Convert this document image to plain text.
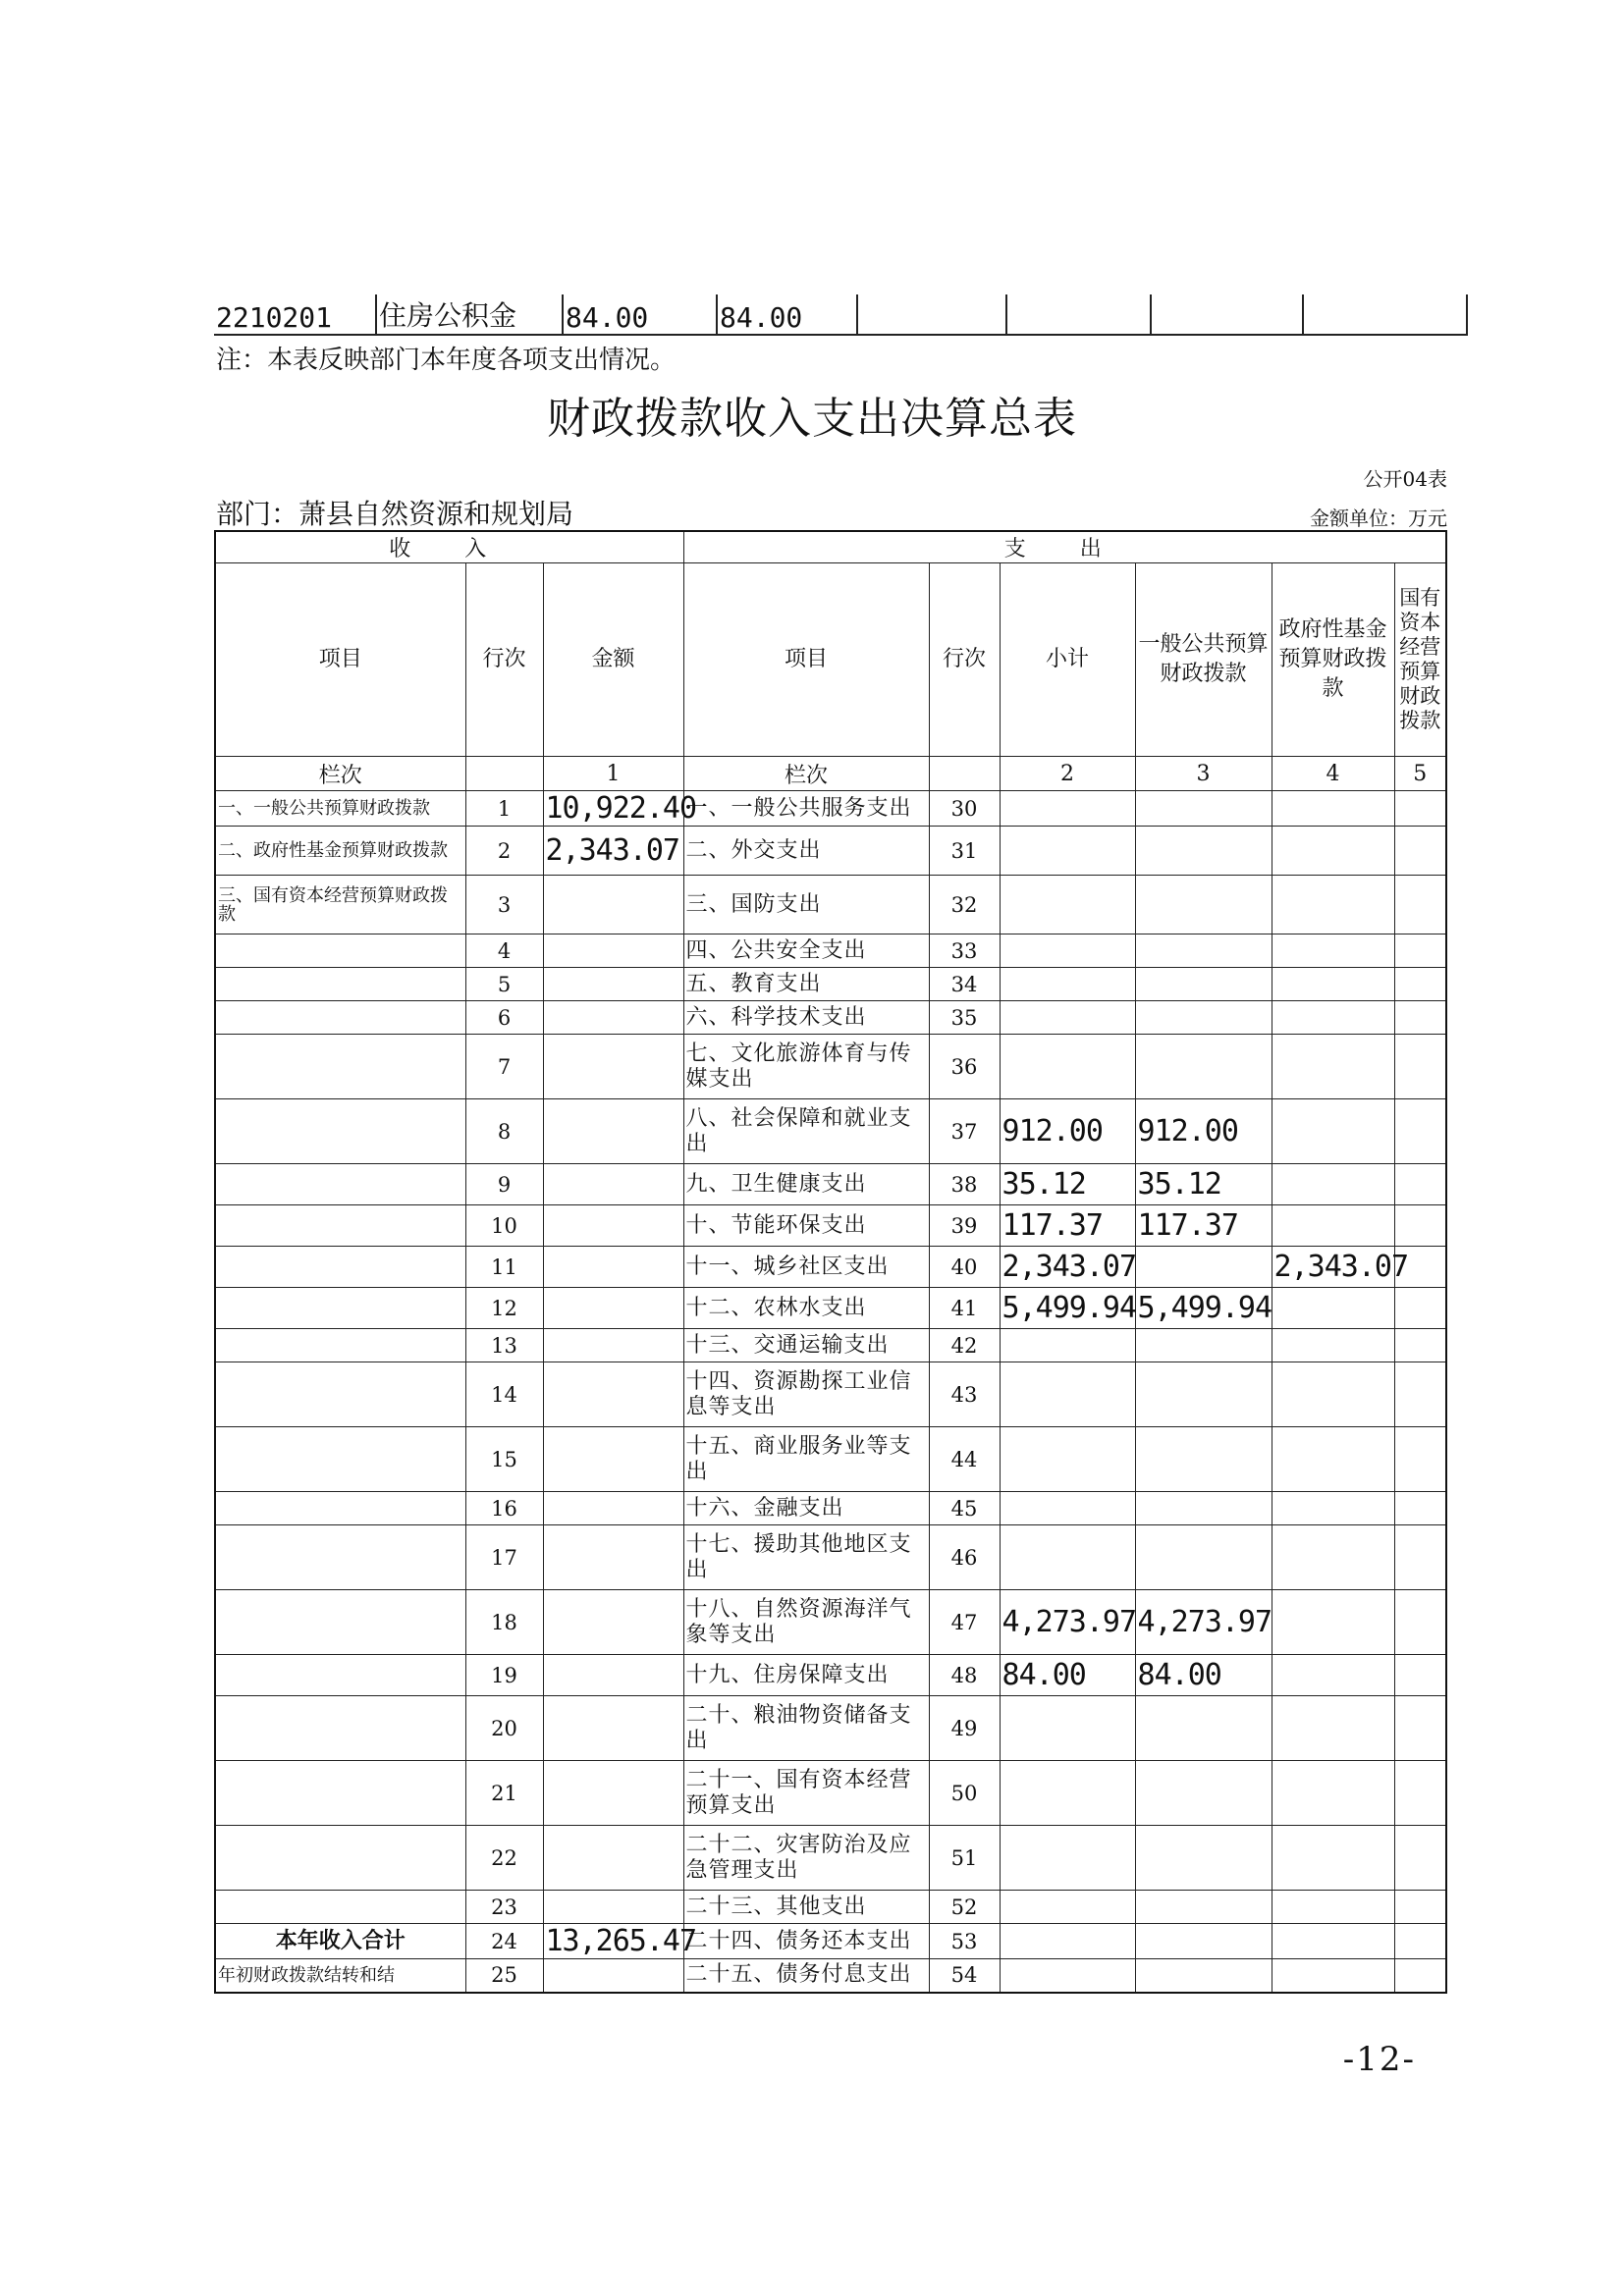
2210201	住房公积金	84.00	84.00				
注：本表反映部门本年度各项支出情况。
财政拨款收入支出决算总表
公开04表
部门：萧县自然资源和规划局	金额单位：万元
收 入			支 出					
项目	行次	金额	项目	行次	小计	一般公共预算财政拨款	政府性基金预算财政拨款	国有资本经营预算财政拨款
栏次		1	栏次		2	3	4	5
一、一般公共预算财政拨款	1	10,922.40	一、一般公共服务支出	30				
二、政府性基金预算财政拨款	2	2,343.07	二、外交支出	31				
三、国有资本经营预算财政拨款	3		三、国防支出	32				
	4		四、公共安全支出	33				
	5		五、教育支出	34				
	6		六、科学技术支出	35				
	7		七、文化旅游体育与传媒支出	36				
	8		八、社会保障和就业支出	37	912.00	912.00		
	9		九、卫生健康支出	38	35.12	35.12		
	10		十、节能环保支出	39	117.37	117.37		
	11		十一、城乡社区支出	40	2,343.07		2,343.07	
	12		十二、农林水支出	41	5,499.94	5,499.94		
	13		十三、交通运输支出	42				
	14		十四、资源勘探工业信息等支出	43				
	15		十五、商业服务业等支出	44				
	16		十六、金融支出	45				
	17		十七、援助其他地区支出	46				
	18		十八、自然资源海洋气象等支出	47	4,273.97	4,273.97		
	19		十九、住房保障支出	48	84.00	84.00		
	20		二十、粮油物资储备支出	49				
	21		二十一、国有资本经营预算支出	50				
	22		二十二、灾害防治及应急管理支出	51				
	23		二十三、其他支出	52				
本年收入合计	24	13,265.47	二十四、债务还本支出	53				
年初财政拨款结转和结	25		二十五、债务付息支出	54				
-12-
